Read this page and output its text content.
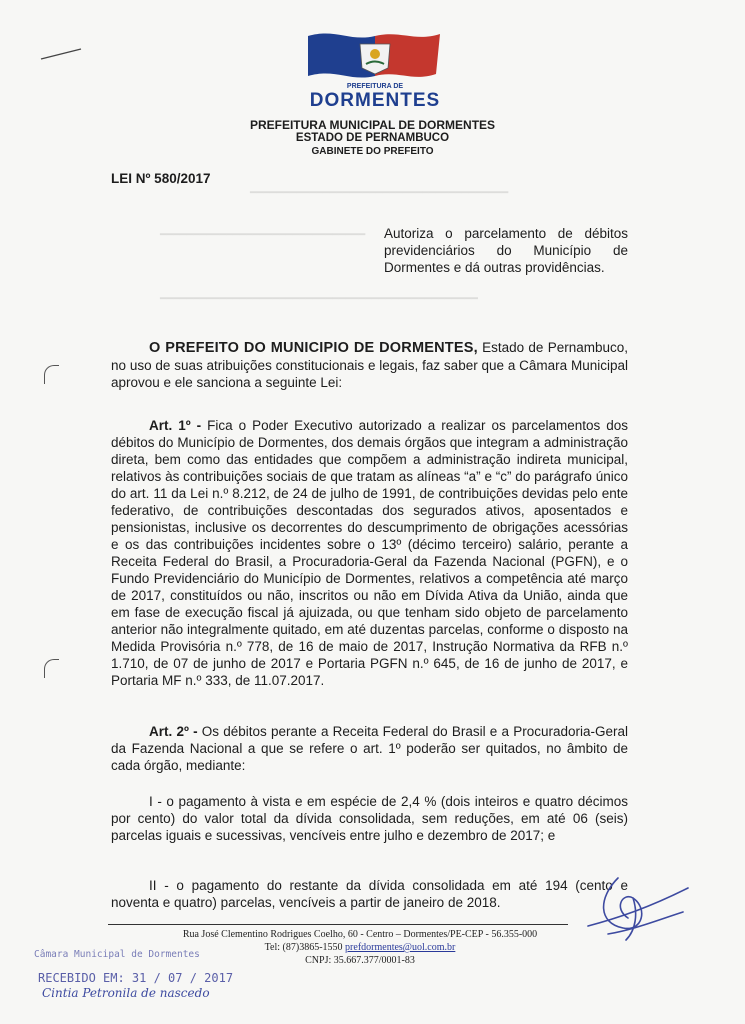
PREFEITURA DE
DORMENTES
PREFEITURA MUNICIPAL DE DORMENTES
ESTADO DE PERNAMBUCO
GABINETE DO PREFEITO
LEI Nº 580/2017
━━━━━━━━━━━━━━━━━━━━━━━━━━━━━━━━━━━━━━━
━━━━━━━━━━━━━━━━━━━━━━━━━━━━━━━
━━━━━━━━━━━━━━━━━━━━━━━━━━━━━━━━━━━━━━━━━━━━━━━━
Autoriza o parcelamento de débitos previdenciários do Município de Dormentes e dá outras providências.

O PREFEITO DO MUNICIPIO DE DORMENTES, Estado de Pernambuco, no uso de suas atribuições constitucionais e legais, faz saber que a Câmara Municipal aprovou e ele sanciona a seguinte Lei:

Art. 1º - Fica o Poder Executivo autorizado a realizar os parcelamentos dos débitos do Município de Dormentes, dos demais órgãos que integram a administração direta, bem como das entidades que compõem a administração indireta municipal, relativos às contribuições sociais de que tratam as alíneas “a” e “c” do parágrafo único do art. 11 da Lei n.º 8.212, de 24 de julho de 1991, de contribuições devidas pelo ente federativo, de contribuições descontadas dos segurados ativos, aposentados e pensionistas, inclusive os decorrentes do descumprimento de obrigações acessórias e os das contribuições incidentes sobre o 13º (décimo terceiro) salário, perante a Receita Federal do Brasil, a Procuradoria-Geral da Fazenda Nacional (PGFN), e o Fundo Previdenciário do Município de Dormentes, relativos a competência até março de 2017, constituídos ou não, inscritos ou não em Dívida Ativa da União, ainda que em fase de execução fiscal já ajuizada, ou que tenham sido objeto de parcelamento anterior não integralmente quitado, em até duzentas parcelas, conforme o disposto na Medida Provisória n.º 778, de 16 de maio de 2017, Instrução Normativa da RFB n.º 1.710, de 07 de junho de 2017 e Portaria PGFN n.º 645, de 16 de junho de 2017, e Portaria MF n.º 333, de 11.07.2017.

Art. 2º - Os débitos perante a Receita Federal do Brasil e a Procuradoria-Geral da Fazenda Nacional a que se refere o art. 1º poderão ser quitados, no âmbito de cada órgão, mediante:

I - o pagamento à vista e em espécie de 2,4 % (dois inteiros e quatro décimos por cento) do valor total da dívida consolidada, sem reduções, em até 06 (seis) parcelas iguais e sucessivas, vencíveis entre julho e dezembro de 2017; e

II - o pagamento do restante da dívida consolidada em até 194 (cento e noventa e quatro) parcelas, vencíveis a partir de janeiro de 2018.

Rua José Clementino Rodrigues Coelho, 60 - Centro – Dormentes/PE-CEP - 56.355-000
Tel: (87)3865-1550 prefdormentes@uol.com.br
CNPJ: 35.667.377/0001-83
Câmara Municipal de Dormentes
RECEBIDO EM: 31 / 07 / 2017
Cintia Petronila de nascedo
